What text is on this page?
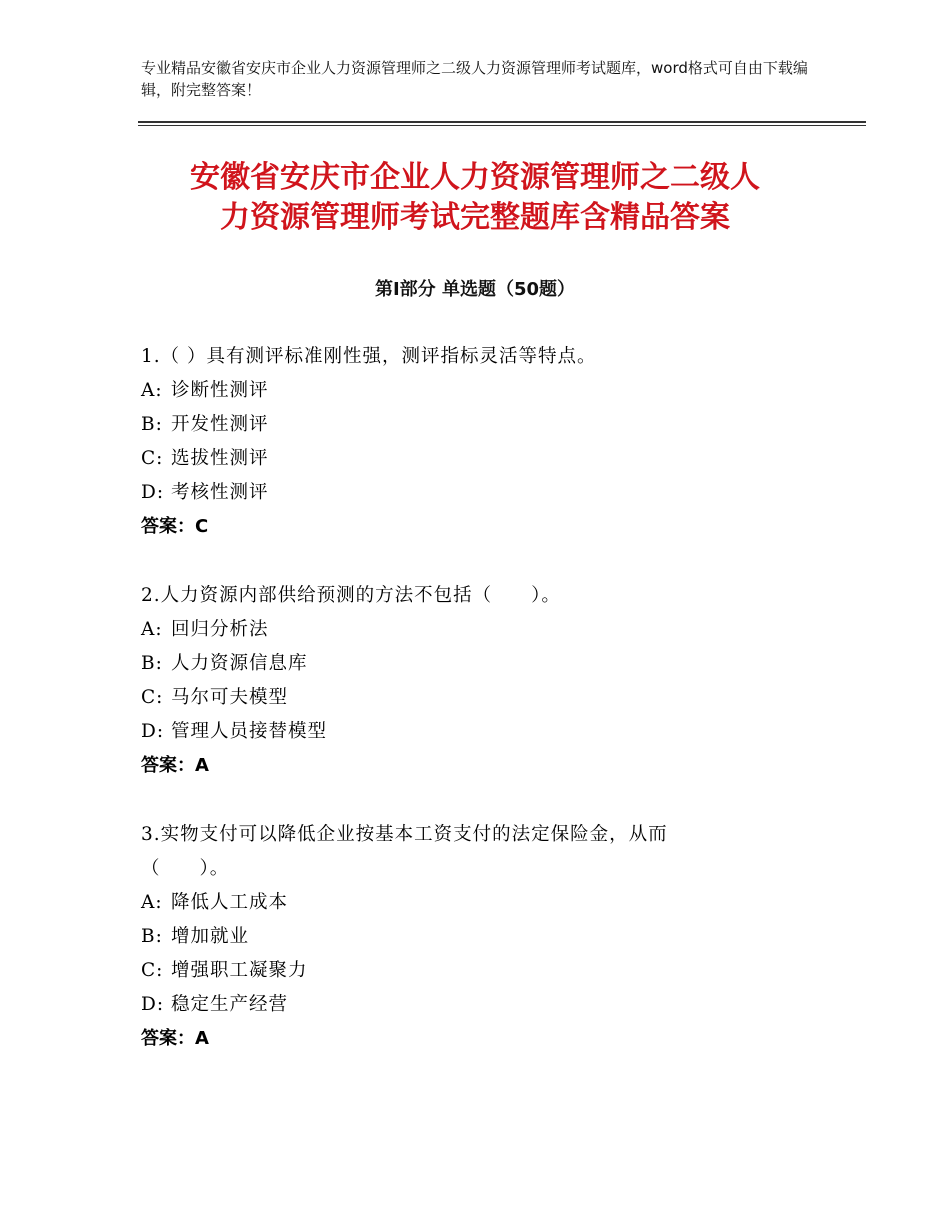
专业精品安徽省安庆市企业人力资源管理师之二级人力资源管理师考试题库，word格式可自由下载编辑，附完整答案！
安徽省安庆市企业人力资源管理师之二级人
力资源管理师考试完整题库含精品答案
第Ⅰ部分 单选题（50题）
1.（ ）具有测评标准刚性强，测评指标灵活等特点。
A: 诊断性测评
B: 开发性测评
C: 选拔性测评
D: 考核性测评
答案：C
2.人力资源内部供给预测的方法不包括（　　）。
A: 回归分析法
B: 人力资源信息库
C: 马尔可夫模型
D: 管理人员接替模型
答案：A
3.实物支付可以降低企业按基本工资支付的法定保险金，从而（　　）。
A: 降低人工成本
B: 增加就业
C: 增强职工凝聚力
D: 稳定生产经营
答案：A
